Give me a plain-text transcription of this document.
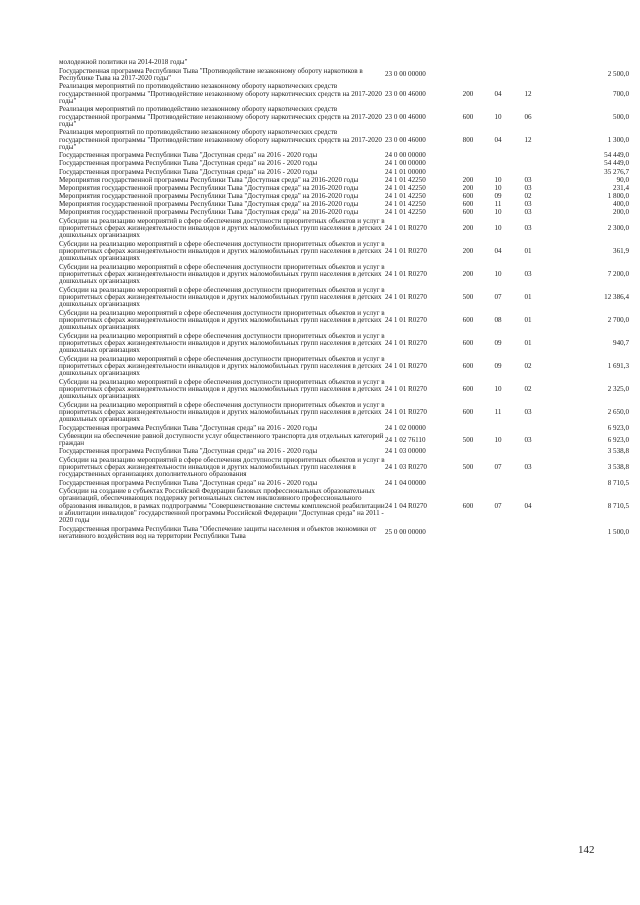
молодежной политики на 2014-2018 годы"					
Государственная программа Республики Тыва "Противодействие незаконному обороту наркотиков в Республике Тыва на 2017-2020 годы"	23 0 00 00000				2 500,0
Реализация мероприятий по противодействию незаконному обороту наркотических средств государственной программы "Противодействие незаконному обороту наркотических средств на 2017-2020 годы"	23 0 00 46000	200	04	12	700,0
Реализация мероприятий по противодействию незаконному обороту наркотических средств государственной программы "Противодействие незаконному обороту наркотических средств на 2017-2020 годы"	23 0 00 46000	600	10	06	500,0
Реализация мероприятий по противодействию незаконному обороту наркотических средств государственной программы "Противодействие незаконному обороту наркотических средств на 2017-2020 годы"	23 0 00 46000	800	04	12	1 300,0
Государственная программа Республики Тыва "Доступная среда" на 2016 - 2020 годы	24 0 00 00000				54 449,0
Государственная программа Республики Тыва "Доступная среда" на 2016 - 2020 годы	24 1 00 00000				54 449,0
Государственная программа Республики Тыва "Доступная среда" на 2016 - 2020 годы	24 1 01 00000				35 276,7
Мероприятия государственной программы Республики Тыва "Доступная среда" на 2016-2020 годы	24 1 01 42250	200	10	03	90,0
Мероприятия государственной программы Республики Тыва "Доступная среда" на 2016-2020 годы	24 1 01 42250	200	10	03	231,4
Мероприятия государственной программы Республики Тыва "Доступная среда" на 2016-2020 годы	24 1 01 42250	600	09	02	1 800,0
Мероприятия государственной программы Республики Тыва "Доступная среда" на 2016-2020 годы	24 1 01 42250	600	11	03	400,0
Мероприятия государственной программы Республики Тыва "Доступная среда" на 2016-2020 годы	24 1 01 42250	600	10	03	200,0
Субсидии на реализацию мероприятий в сфере обеспечения доступности приоритетных объектов и услуг в приоритетных сферах жизнедеятельности инвалидов и других маломобильных групп населения в детских дошкольных организациях	24 1 01 R0270	200	10	03	2 300,0
Субсидии на реализацию мероприятий в сфере обеспечения доступности приоритетных объектов и услуг в приоритетных сферах жизнедеятельности инвалидов и других маломобильных групп населения в детских дошкольных организациях	24 1 01 R0270	200	04	01	361,9
Субсидии на реализацию мероприятий в сфере обеспечения доступности приоритетных объектов и услуг в приоритетных сферах жизнедеятельности инвалидов и других маломобильных групп населения в детских дошкольных организациях	24 1 01 R0270	200	10	03	7 200,0
Субсидии на реализацию мероприятий в сфере обеспечения доступности приоритетных объектов и услуг в приоритетных сферах жизнедеятельности инвалидов и других маломобильных групп населения в детских дошкольных организациях	24 1 01 R0270	500	07	01	12 386,4
Субсидии на реализацию мероприятий в сфере обеспечения доступности приоритетных объектов и услуг в приоритетных сферах жизнедеятельности инвалидов и других маломобильных групп населения в детских дошкольных организациях	24 1 01 R0270	600	08	01	2 700,0
Субсидии на реализацию мероприятий в сфере обеспечения доступности приоритетных объектов и услуг в приоритетных сферах жизнедеятельности инвалидов и других маломобильных групп населения в детских дошкольных организациях	24 1 01 R0270	600	09	01	940,7
Субсидии на реализацию мероприятий в сфере обеспечения доступности приоритетных объектов и услуг в приоритетных сферах жизнедеятельности инвалидов и других маломобильных групп населения в детских дошкольных организациях	24 1 01 R0270	600	09	02	1 691,3
Субсидии на реализацию мероприятий в сфере обеспечения доступности приоритетных объектов и услуг в приоритетных сферах жизнедеятельности инвалидов и других маломобильных групп населения в детских дошкольных организациях	24 1 01 R0270	600	10	02	2 325,0
Субсидии на реализацию мероприятий в сфере обеспечения доступности приоритетных объектов и услуг в приоритетных сферах жизнедеятельности инвалидов и других маломобильных групп населения в детских дошкольных организациях	24 1 01 R0270	600	11	03	2 650,0
Государственная программа Республики Тыва "Доступная среда" на 2016 - 2020 годы	24 1 02 00000				6 923,0
Субвенции на обеспечение равной доступности услуг общественного транспорта для отдельных категорий граждан	24 1 02 76110	500	10	03	6 923,0
Государственная программа Республики Тыва "Доступная среда" на 2016 - 2020 годы	24 1 03 00000				3 538,8
Субсидии на реализацию мероприятий в сфере обеспечения доступности приоритетных объектов и услуг в приоритетных сферах жизнедеятельности инвалидов и других маломобильных групп населения в государственных организациях дополнительного образования	24 1 03 R0270	500	07	03	3 538,8
Государственная программа Республики Тыва "Доступная среда" на 2016 - 2020 годы	24 1 04 00000				8 710,5
Субсидии на создание в субъектах Российской Федерации базовых профессиональных образовательных организаций, обеспечивающих поддержку региональных систем инклюзивного профессионального образования инвалидов, в рамках подпрограммы "Совершенствование системы комплексной реабилитации и абилитации инвалидов" государственной программы Российской Федерации "Доступная среда" на 2011 - 2020 годы	24 1 04 R0270	600	07	04	8 710,5
Государственная программа Республики Тыва "Обеспечение защиты населения и объектов экономики от негативного воздействия вод на территории Республики Тыва	25 0 00 00000				1 500,0
142
